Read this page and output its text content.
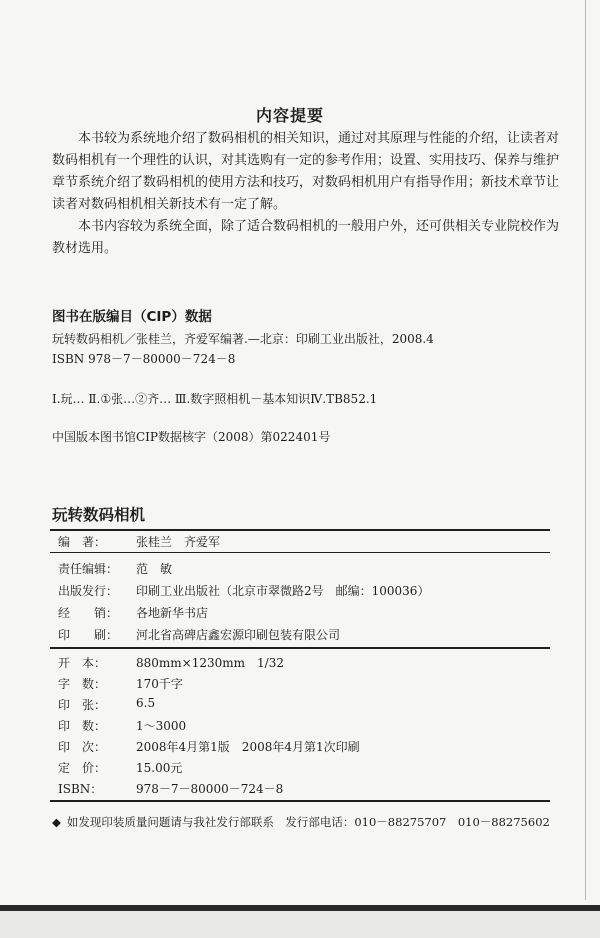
内容提要
本书较为系统地介绍了数码相机的相关知识，通过对其原理与性能的介绍，让读者对
数码相机有一个理性的认识，对其选购有一定的参考作用；设置、实用技巧、保养与维护
章节系统介绍了数码相机的使用方法和技巧，对数码相机用户有指导作用；新技术章节让
读者对数码相机相关新技术有一定了解。
本书内容较为系统全面，除了适合数码相机的一般用户外，还可供相关专业院校作为
教材选用。
图书在版编目（CIP）数据
玩转数码相机／张桂兰，齐爱军编著.—北京：印刷工业出版社，2008.4
ISBN 978－7－80000－724－8
Ⅰ.玩… Ⅱ.①张…②齐… Ⅲ.数字照相机－基本知识Ⅳ.TB852.1
中国版本图书馆CIP数据核字（2008）第022401号
玩转数码相机
编　著：	张桂兰　齐爱军
责任编辑：	范　敏
出版发行：	印刷工业出版社（北京市翠微路2号　邮编：100036）
经　　销：	各地新华书店
印　　刷：	河北省高碑店鑫宏源印刷包装有限公司
开　本：	880mm×1230mm　1/32
字　数：	170千字
印　张：	6.5
印　数：	1～3000
印　次：	2008年4月第1版　2008年4月第1次印刷
定　价：	15.00元
ISBN：	978－7－80000－724－8
◆ 如发现印装质量问题请与我社发行部联系　发行部电话：010－88275707　010－88275602
